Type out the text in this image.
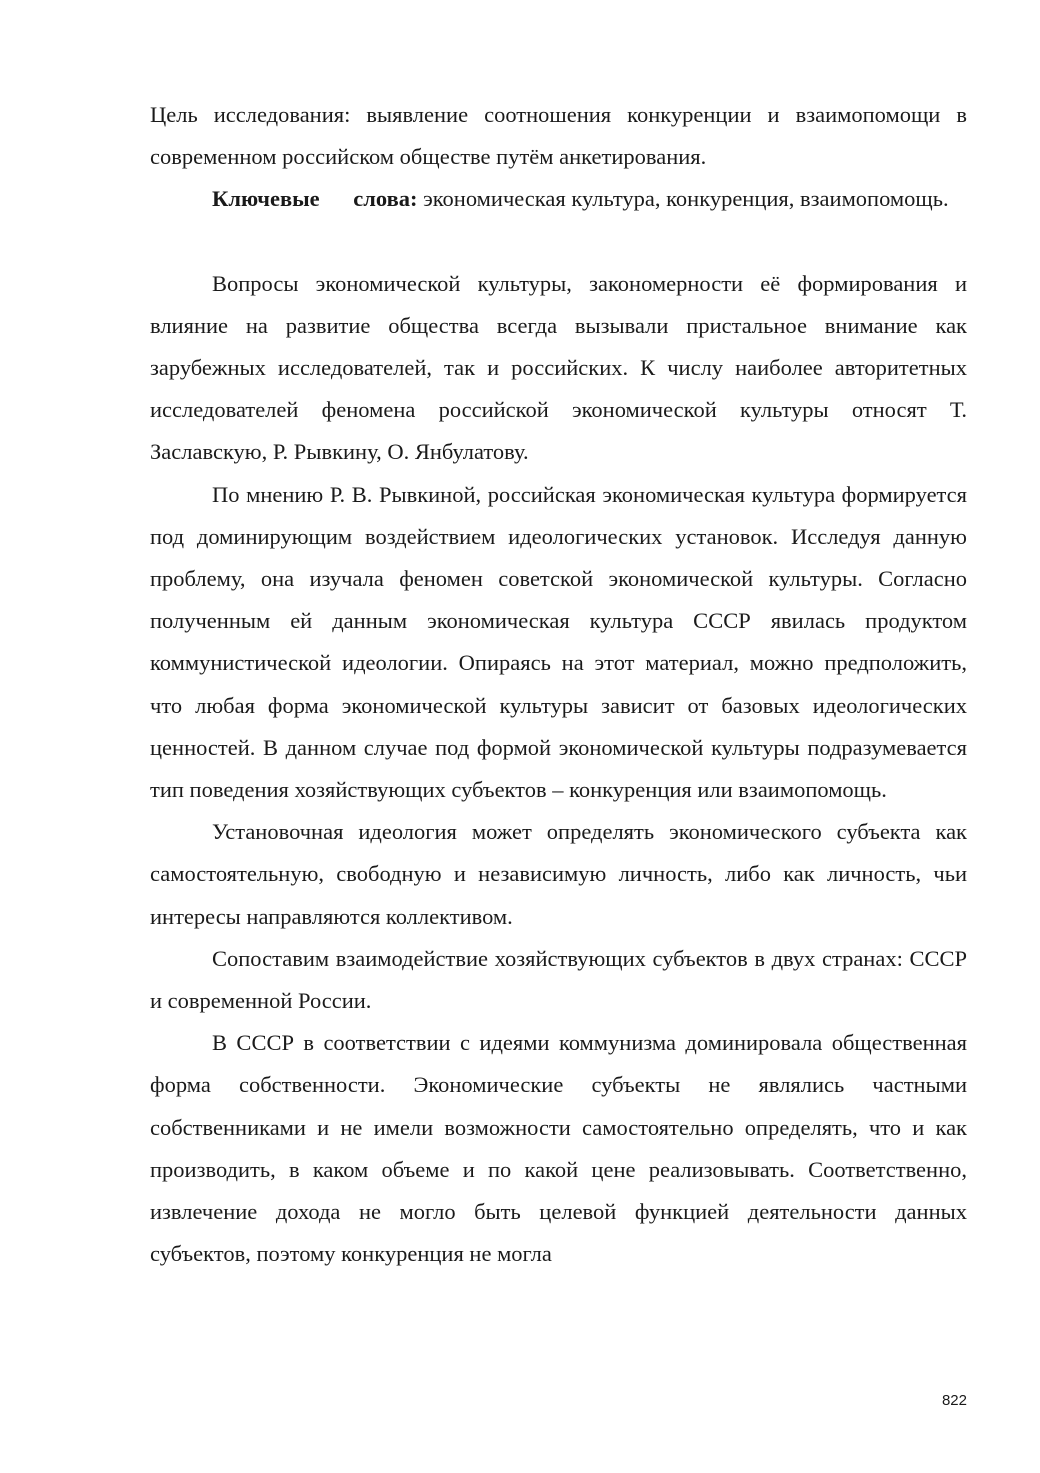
Цель исследования: выявление соотношения конкуренции и взаимопомощи в современном российском обществе путём анкетирования.

Ключевые слова: экономическая культура, конкуренция, взаимопомощь.

Вопросы экономической культуры, закономерности её формирования и влияние на развитие общества всегда вызывали пристальное внимание как зарубежных исследователей, так и российских. К числу наиболее авторитетных исследователей феномена российской экономической культуры относят Т. Заславскую, Р. Рывкину, О. Янбулатову.

По мнению Р. В. Рывкиной, российская экономическая культура формируется под доминирующим воздействием идеологических установок. Исследуя данную проблему, она изучала феномен советской экономической культуры. Согласно полученным ей данным экономическая культура СССР явилась продуктом коммунистической идеологии. Опираясь на этот материал, можно предположить, что любая форма экономической культуры зависит от базовых идеологических ценностей. В данном случае под формой экономической культуры подразумевается тип поведения хозяйствующих субъектов – конкуренция или взаимопомощь.

Установочная идеология может определять экономического субъекта как самостоятельную, свободную и независимую личность, либо как личность, чьи интересы направляются коллективом.

Сопоставим взаимодействие хозяйствующих субъектов в двух странах: СССР и современной России.

В СССР в соответствии с идеями коммунизма доминировала общественная форма собственности. Экономические субъекты не являлись частными собственниками и не имели возможности самостоятельно определять, что и как производить, в каком объеме и по какой цене реализовывать. Соответственно, извлечение дохода не могло быть целевой функцией деятельности данных субъектов, поэтому конкуренция не могла

822
